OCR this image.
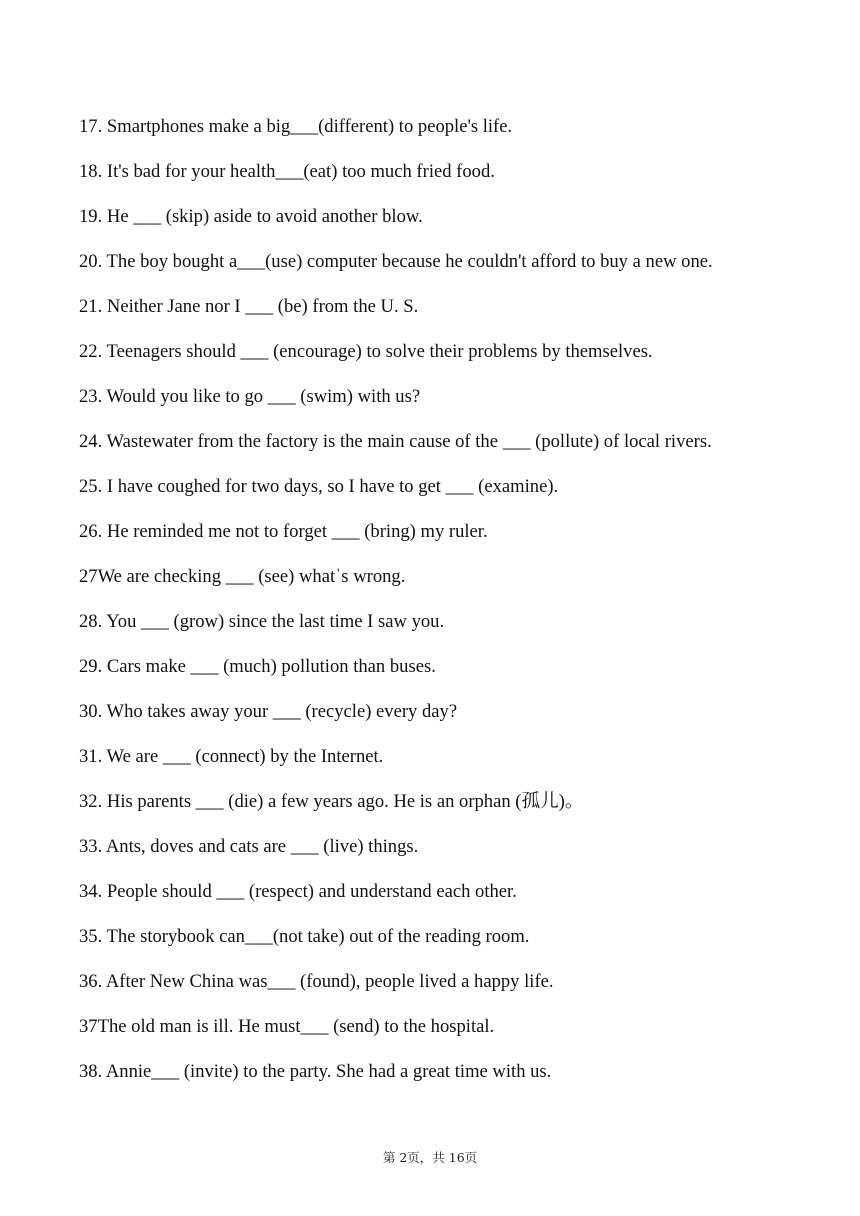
17. Smartphones make a big___(different) to people's life.
18. It's bad for your health___(eat) too much fried food.
19. He ___ (skip) aside to avoid another blow.
20. The boy bought a___(use) computer because he couldn't afford to buy a new one.
21. Neither Jane nor I ___ (be) from the U. S.
22. Teenagers should ___ (encourage) to solve their problems by themselves.
23. Would you like to go ___ (swim) with us?
24. Wastewater from the factory is the main cause of the ___ (pollute) of local rivers.
25. I have coughed for two days, so I have to get ___ (examine).
26. He reminded me not to forget ___ (bring) my ruler.
27We are checking ___ (see) whatˈs wrong.
28. You ___ (grow) since the last time I saw you.
29. Cars make ___ (much) pollution than buses.
30. Who takes away your ___ (recycle) every day?
31. We are ___ (connect) by the Internet.
32. His parents ___ (die) a few years ago. He is an orphan (孤儿)。
33. Ants, doves and cats are ___ (live) things.
34. People should ___ (respect) and understand each other.
35. The storybook can___(not take) out of the reading room.
36. After New China was___ (found), people lived a happy life.
37The old man is ill. He must___ (send) to the hospital.
38. Annie___ (invite) to the party. She had a great time with us.
第 2页，共 16页
